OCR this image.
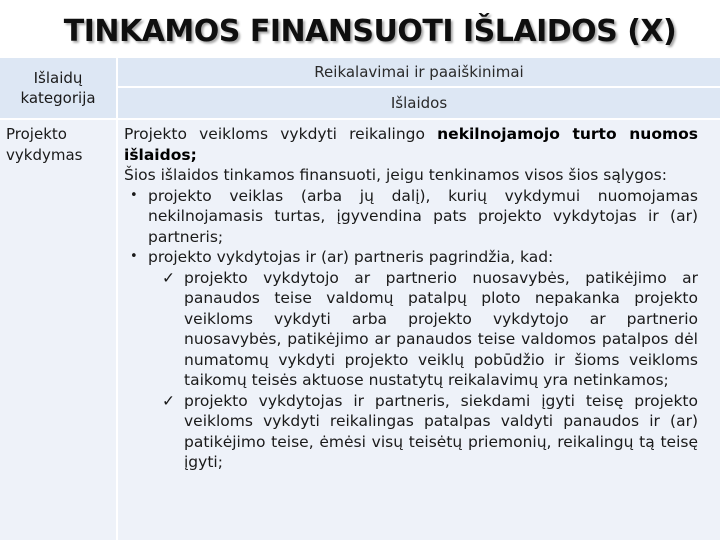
TINKAMOS FINANSUOTI IŠLAIDOS (X)
Išlaidų kategorija
Reikalavimai ir paaiškinimai
Išlaidos
Projekto vykdymas

Projekto veikloms vykdyti reikalingo nekilnojamojo turto nuomos išlaidos;

Šios išlaidos tinkamos finansuoti, jeigu tenkinamos visos šios sąlygos:

• projekto veiklas (arba jų dalį), kurių vykdymui nuomojamas nekilnojamasis turtas, įgyvendina pats projekto vykdytojas ir (ar) partneris;
• projekto vykdytojas ir (ar) partneris pagrindžia, kad:
✓ projekto vykdytojo ar partnerio nuosavybės, patikėjimo ar panaudos teise valdomų patalpų ploto nepakanka projekto veikloms vykdyti arba projekto vykdytojo ar partnerio nuosavybės, patikėjimo ar panaudos teise valdomos patalpos dėl numatomų vykdyti projekto veiklų pobūdžio ir šioms veikloms taikomų teisės aktuose nustatytų reikalavimų yra netinkamos;
✓ projekto vykdytojas ir partneris, siekdami įgyti teisę projekto veikloms vykdyti reikalingas patalpas valdyti panaudos ir (ar) patikėjimo teise, ėmėsi visų teisėtų priemonių, reikalingų tą teisę įgyti;
